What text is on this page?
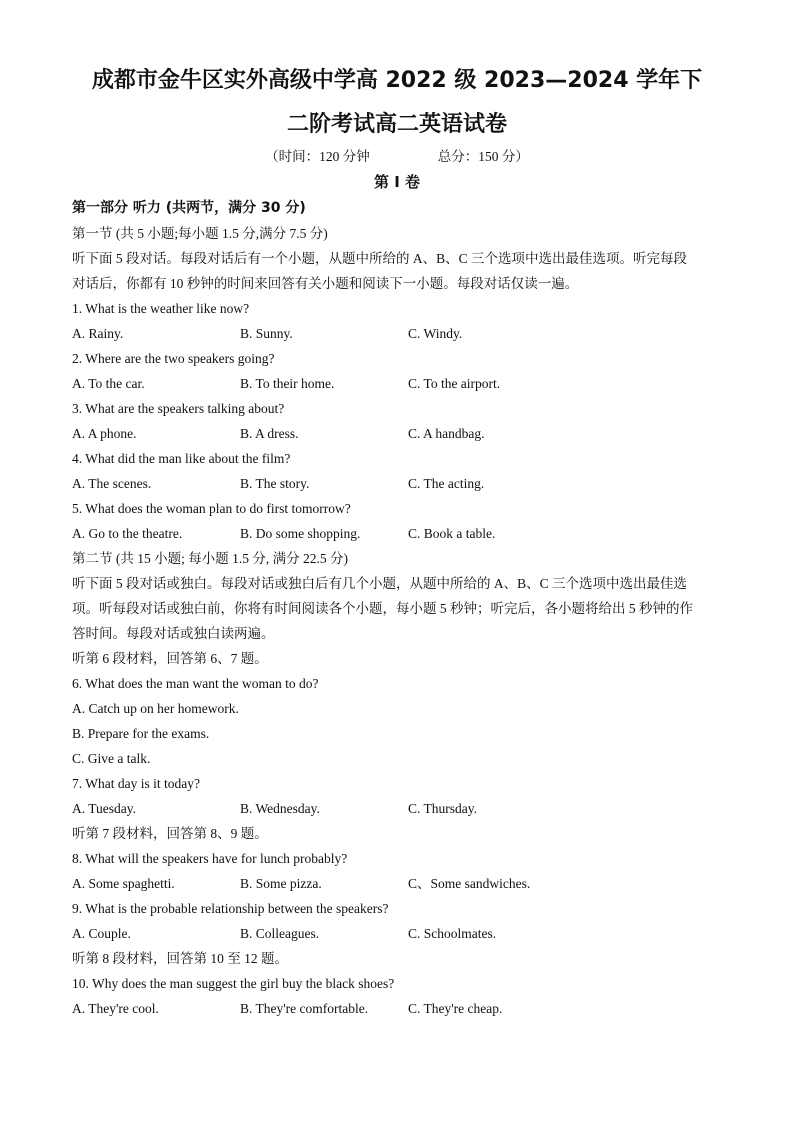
成都市金牛区实外高级中学高 2022 级 2023—2024 学年下
二阶考试高二英语试卷
（时间：120 分钟	总分：150 分）
第 I 卷
第一部分 听力 (共两节，满分 30 分)
第一节 (共 5 小题;每小题 1.5 分,满分 7.5 分)
听下面 5 段对话。每段对话后有一个小题，从题中所给的 A、B、C 三个选项中选出最佳选项。听完每段
对话后，你都有 10 秒钟的时间来回答有关小题和阅读下一小题。每段对话仅读一遍。
1. What is the weather like now?
A. Rainy.	B. Sunny.	C. Windy.
2. Where are the two speakers going?
A. To the car.	B. To their home.	C. To the airport.
3. What are the speakers talking about?
A. A phone.	B. A dress.	C. A handbag.
4. What did the man like about the film?
A. The scenes.	B. The story.	C. The acting.
5. What does the woman plan to do first tomorrow?
A. Go to the theatre.	B. Do some shopping.	C. Book a table.
第二节 (共 15 小题; 每小题 1.5 分, 满分 22.5 分)
听下面 5 段对话或独白。每段对话或独白后有几个小题，从题中所给的 A、B、C 三个选项中选出最佳选
项。听每段对话或独白前，你将有时间阅读各个小题，每小题 5 秒钟；听完后，各小题将给出 5 秒钟的作
答时间。每段对话或独白读两遍。
听第 6 段材料，回答第 6、7 题。
6. What does the man want the woman to do?
A. Catch up on her homework.
B. Prepare for the exams.
C. Give a talk.
7. What day is it today?
A. Tuesday.	B. Wednesday.	C. Thursday.
听第 7 段材料，回答第 8、9 题。
8. What will the speakers have for lunch probably?
A. Some spaghetti.	B. Some pizza.	C、Some sandwiches.
9. What is the probable relationship between the speakers?
A. Couple.	B. Colleagues.	C. Schoolmates.
听第 8 段材料，回答第 10 至 12 题。
10. Why does the man suggest the girl buy the black shoes?
A. They're cool.	B. They're comfortable.	C. They're cheap.
